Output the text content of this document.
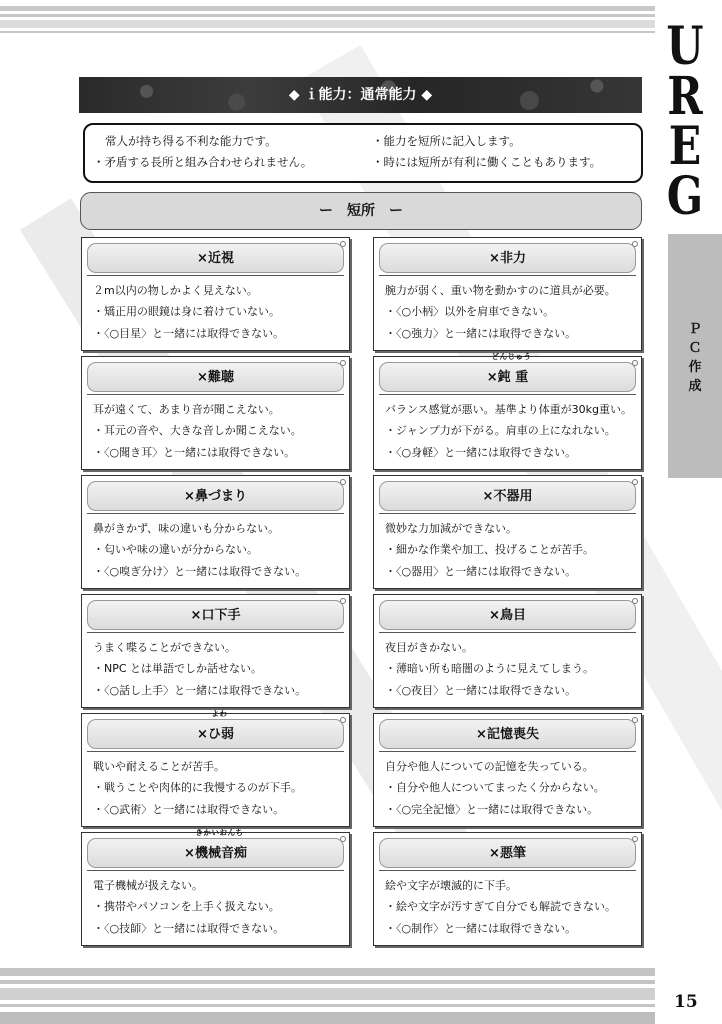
U
R
E
G
Ｐ
Ｃ
作
成
◆ ｉ能力：通常能力 ◆
常人が持ち得る不利な能力です。
・矛盾する長所と組み合わせられません。
・能力を短所に記入します。
・時には短所が有利に働くこともあります。
ー　短所　ー
×近視
２m以内の物しかよく見えない。
・矯正用の眼鏡は身に着けていない。
・〈○目星〉と一緒には取得できない。
×非力
腕力が弱く、重い物を動かすのに道具が必要。
・〈○小柄〉以外を肩車できない。
・〈○強力〉と一緒には取得できない。
×難聴
耳が遠くて、あまり音が聞こえない。
・耳元の音や、大きな音しか聞こえない。
・〈○聞き耳〉と一緒には取得できない。
×鈍 重
どんじゅう
バランス感覚が悪い。基準より体重が30kg重い。
・ジャンプ力が下がる。肩車の上になれない。
・〈○身軽〉と一緒には取得できない。
×鼻づまり
鼻がきかず、味の違いも分からない。
・匂いや味の違いが分からない。
・〈○嗅ぎ分け〉と一緒には取得できない。
×不器用
微妙な力加減ができない。
・細かな作業や加工、投げることが苦手。
・〈○器用〉と一緒には取得できない。
×口下手
うまく喋ることができない。
・NPC とは単語でしか話せない。
・〈○話し上手〉と一緒には取得できない。
×鳥目
夜目がきかない。
・薄暗い所も暗闇のように見えてしまう。
・〈○夜目〉と一緒には取得できない。
×ひ弱
よわ
戦いや耐えることが苦手。
・戦うことや肉体的に我慢するのが下手。
・〈○武術〉と一緒には取得できない。
×記憶喪失
自分や他人についての記憶を失っている。
・自分や他人についてまったく分からない。
・〈○完全記憶〉と一緒には取得できない。
×機械音痴
きかいおんち
電子機械が扱えない。
・携帯やパソコンを上手く扱えない。
・〈○技師〉と一緒には取得できない。
×悪筆
絵や文字が壊滅的に下手。
・絵や文字が汚すぎて自分でも解読できない。
・〈○制作〉と一緒には取得できない。
15
